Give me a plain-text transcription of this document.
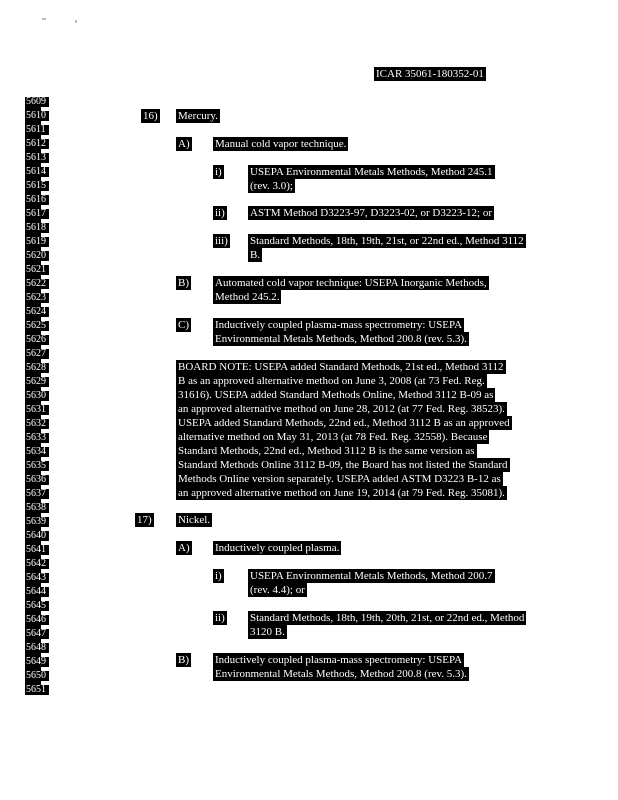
ICAR 35061-180352-01
5609
5610
5611
5612
5613
5614
5615
5616
5617
5618
5619
5620
5621
5622
5623
5624
5625
5626
5627
5628
5629
5630
5631
5632
5633
5634
5635
5636
5637
5638
5639
5640
5641
5642
5643
5644
5645
5646
5647
5648
5649
5650
5651
16) Mercury.
A) Manual cold vapor technique.
i)	USEPA Environmental Metals Methods, Method 245.1
(rev. 3.0);
ii) ASTM Method D3223-97, D3223-02, or D3223-12; or
iii) Standard Methods, 18th, 19th, 21st, or 22nd ed., Method 3112
B.
B) Automated cold vapor technique: USEPA Inorganic Methods,
Method 245.2.
C) Inductively coupled plasma-mass spectrometry: USEPA
Environmental Metals Methods, Method 200.8 (rev. 5.3).
BOARD NOTE: USEPA added Standard Methods, 21st ed., Method 3112
B as an approved alternative method on June 3, 2008 (at 73 Fed. Reg.
31616). USEPA added Standard Methods Online, Method 3112 B-09 as
an approved alternative method on June 28, 2012 (at 77 Fed. Reg. 38523).
USEPA added Standard Methods, 22nd ed., Method 3112 B as an approved
alternative method on May 31, 2013 (at 78 Fed. Reg. 32558). Because
Standard Methods, 22nd ed., Method 3112 B is the same version as
Standard Methods Online 3112 B-09, the Board has not listed the Standard
Methods Online version separately. USEPA added ASTM D3223 B-12 as
an approved alternative method on June 19, 2014 (at 79 Fed. Reg. 35081).
17) Nickel.
A) Inductively coupled plasma.
i)	USEPA Environmental Metals Methods, Method 200.7
(rev. 4.4); or
ii) Standard Methods, 18th, 19th, 20th, 21st, or 22nd ed., Method
3120 B.
B) Inductively coupled plasma-mass spectrometry: USEPA
Environmental Metals Methods, Method 200.8 (rev. 5.3).
